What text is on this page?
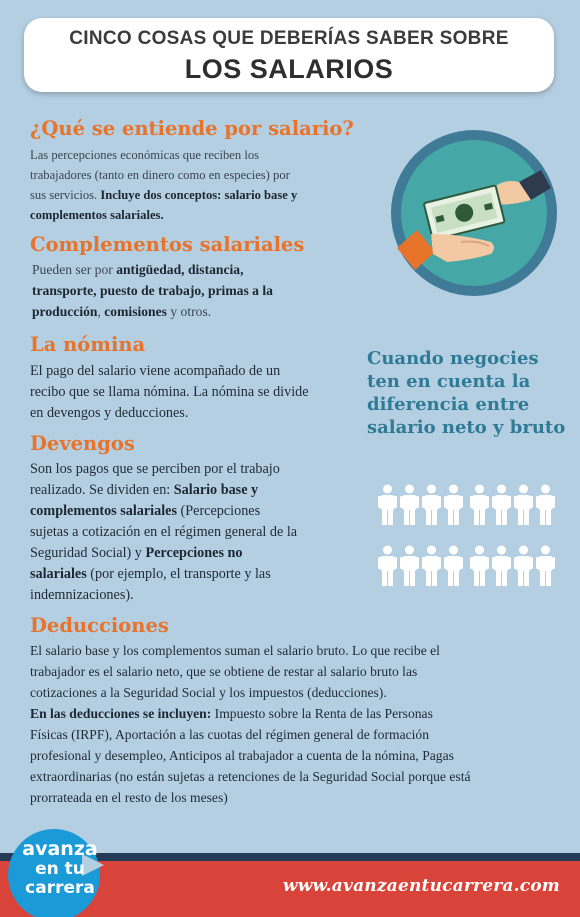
CINCO COSAS QUE DEBERÍAS SABER SOBRE
LOS SALARIOS
¿Qué se entiende por salario?
Las percepciones económicas que reciben los
trabajadores (tanto en dinero como en especies) por
sus servicios. Incluye dos conceptos: salario base y
complementos salariales.
Complementos salariales
Pueden ser por antigüedad, distancia,
transporte, puesto de trabajo, primas a la
producción, comisiones y otros.
La nómina
El pago del salario viene acompañado de un
recibo que se llama nómina. La nómina se divide
en devengos y deducciones.
Cuando negocies
ten en cuenta la
diferencia entre
salario neto y bruto
Devengos
Son los pagos que se perciben por el trabajo
realizado. Se dividen en: Salario base y
complementos salariales (Percepciones
sujetas a cotización en el régimen general de la
Seguridad Social) y Percepciones no
salariales (por ejemplo, el transporte y las
indemnizaciones).
Deducciones
El salario base y los complementos suman el salario bruto. Lo que recibe el
trabajador es el salario neto, que se obtiene de restar al salario bruto las
cotizaciones a la Seguridad Social y los impuestos (deducciones).
En las deducciones se incluyen: Impuesto sobre la Renta de las Personas
Físicas (IRPF), Aportación a las cuotas del régimen general de formación
profesional y desempleo, Anticipos al trabajador a cuenta de la nómina, Pagas
extraordinarias (no están sujetas a retenciones de la Seguridad Social porque está
prorrateada en el resto de los meses)
www.avanzaentucarrera.com
avanza
en tu
carrera
